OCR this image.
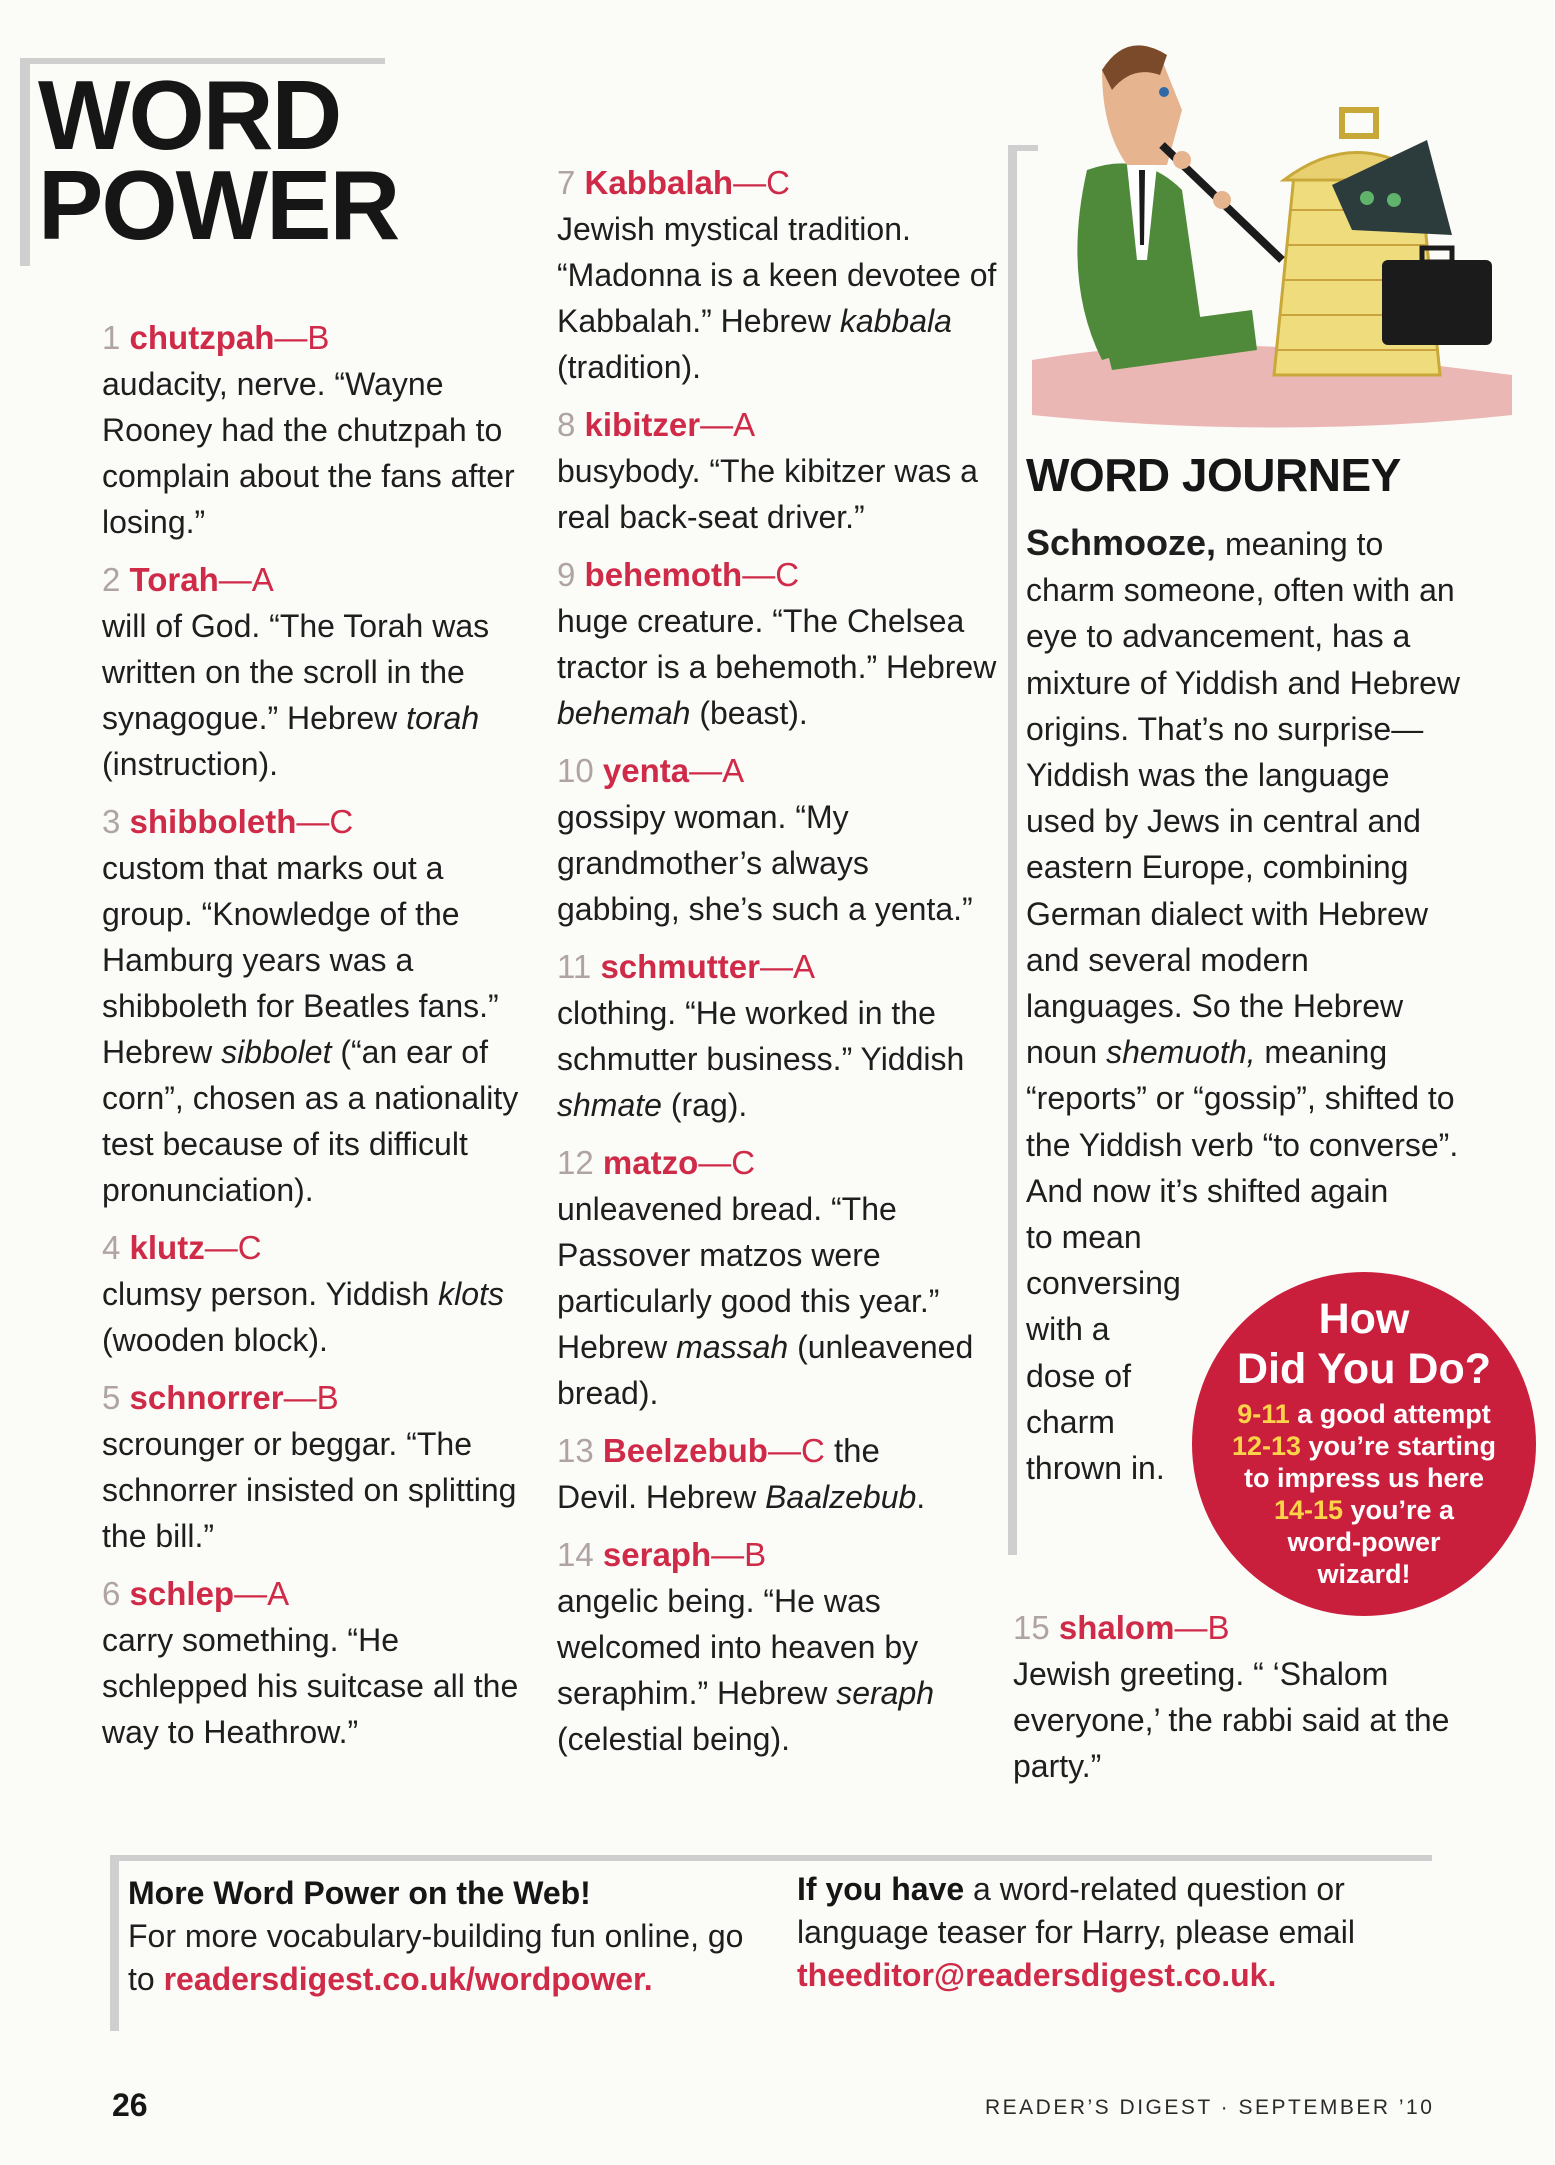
WORD
POWER
1 chutzpah—B

audacity, nerve. “Wayne Rooney had the chutzpah to complain about the fans after losing.”

2 Torah—A

will of God. “The Torah was written on the scroll in the synagogue.” Hebrew torah (instruction).

3 shibboleth—C

custom that marks out a group. “Knowledge of the Hamburg years was a shibboleth for Beatles fans.” Hebrew sibbolet (“an ear of corn”, chosen as a nationality test because of its difficult pronunciation).

4 klutz—C

clumsy person. Yiddish klots (wooden block).

5 schnorrer—B

scrounger or beggar. “The schnorrer insisted on splitting the bill.”

6 schlep—A

carry something. “He schlepped his suitcase all the way to Heathrow.”

7 Kabbalah—C

Jewish mystical tradition. “Madonna is a keen devotee of Kabbalah.” Hebrew kabbala (tradition).

8 kibitzer—A

busybody. “The kibitzer was a real back-seat driver.”

9 behemoth—C

huge creature. “The Chelsea tractor is a behemoth.” Hebrew behemah (beast).

10 yenta—A

gossipy woman. “My grandmother’s always gabbing, she’s such a yenta.”

11 schmutter—A

clothing. “He worked in the schmutter business.” Yiddish shmate (rag).

12 matzo—C

unleavened bread. “The Passover matzos were particularly good this year.” Hebrew massah (unleavened bread).

13 Beelzebub—C the

Devil. Hebrew Baalzebub.

14 seraph—B

angelic being. “He was welcomed into heaven by seraphim.” Hebrew seraph (celestial being).

15 shalom—B

Jewish greeting. “ ‘Shalom everyone,’ the rabbi said at the party.”

WORD JOURNEY
Schmooze, meaning to charm someone, often with an eye to advancement, has a mixture of Yiddish and Hebrew origins. That’s no surprise—Yiddish was the language used by Jews in central and eastern Europe, combining German dialect with Hebrew and several modern languages. So the Hebrew noun shemuoth, meaning “reports” or “gossip”, shifted to the Yiddish verb “to converse”. And now it’s shifted again
to mean
conversing
with a
dose of
charm
thrown in.

How
Did You Do?

9-11 a good attempt
12-13 you’re starting
to impress us here
14-15 you’re a
word-power
wizard!

More Word Power on the Web!
For more vocabulary-building fun online, go to readersdigest.co.uk/wordpower.

If you have a word-related question or language teaser for Harry, please email theeditor@readersdigest.co.uk.

26	READER’S DIGEST · SEPTEMBER ’10
